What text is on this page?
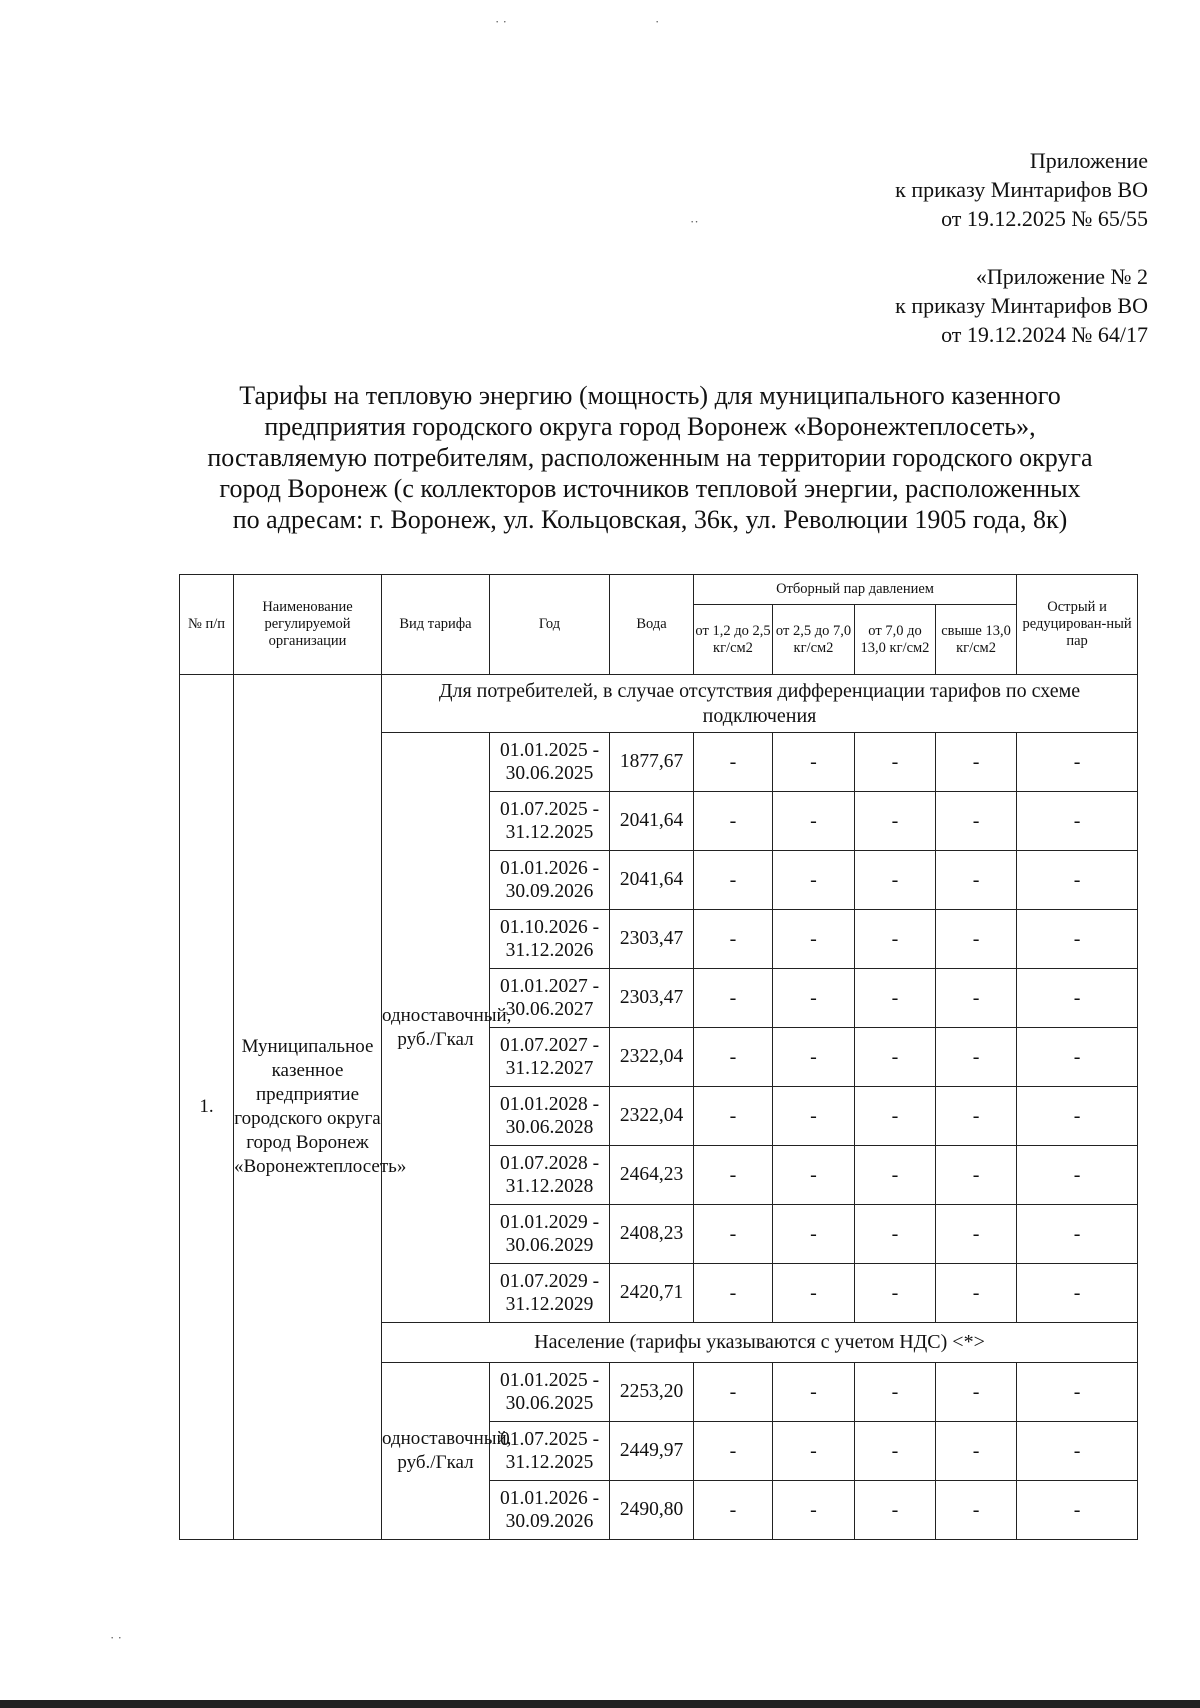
· ·	·
··
· ·
Приложение
к приказу Минтарифов ВО
от 19.12.2025 № 65/55
«Приложение № 2
к приказу Минтарифов ВО
от 19.12.2024 № 64/17
Тарифы на тепловую энергию (мощность) для муниципального казенного
предприятия городского округа город Воронеж «Воронежтеплосеть»,
поставляемую потребителям, расположенным на территории городского округа
город Воронеж (с коллекторов источников тепловой энергии, расположенных
по адресам: г. Воронеж, ул. Кольцовская, 36к, ул. Революции 1905 года, 8к)
№ п/п	Наименование регулируемой организации	Вид тарифа	Год	Вода	Отборный пар давлением				Острый и редуцирован-ный пар
					от 1,2 до 2,5 кг/см2	от 2,5 до 7,0 кг/см2	от 7,0 до 13,0 кг/см2	свыше 13,0 кг/см2	
1.	Муниципальное казенное предприятие городского округа город Воронеж «Воронежтеплосеть»	Для потребителей, в случае отсутствия дифференциации тарифов по схеме подключения							
		одноставочный, руб./Гкал	01.01.2025 - 30.06.2025	1877,67	-	-	-	-	-
			01.07.2025 - 31.12.2025	2041,64	-	-	-	-	-
			01.01.2026 - 30.09.2026	2041,64	-	-	-	-	-
			01.10.2026 - 31.12.2026	2303,47	-	-	-	-	-
			01.01.2027 - 30.06.2027	2303,47	-	-	-	-	-
			01.07.2027 - 31.12.2027	2322,04	-	-	-	-	-
			01.01.2028 - 30.06.2028	2322,04	-	-	-	-	-
			01.07.2028 - 31.12.2028	2464,23	-	-	-	-	-
			01.01.2029 - 30.06.2029	2408,23	-	-	-	-	-
			01.07.2029 - 31.12.2029	2420,71	-	-	-	-	-
		Население (тарифы указываются с учетом НДС) <*>							
		одноставочный, руб./Гкал	01.01.2025 - 30.06.2025	2253,20	-	-	-	-	-
			01.07.2025 - 31.12.2025	2449,97	-	-	-	-	-
			01.01.2026 - 30.09.2026	2490,80	-	-	-	-	-
